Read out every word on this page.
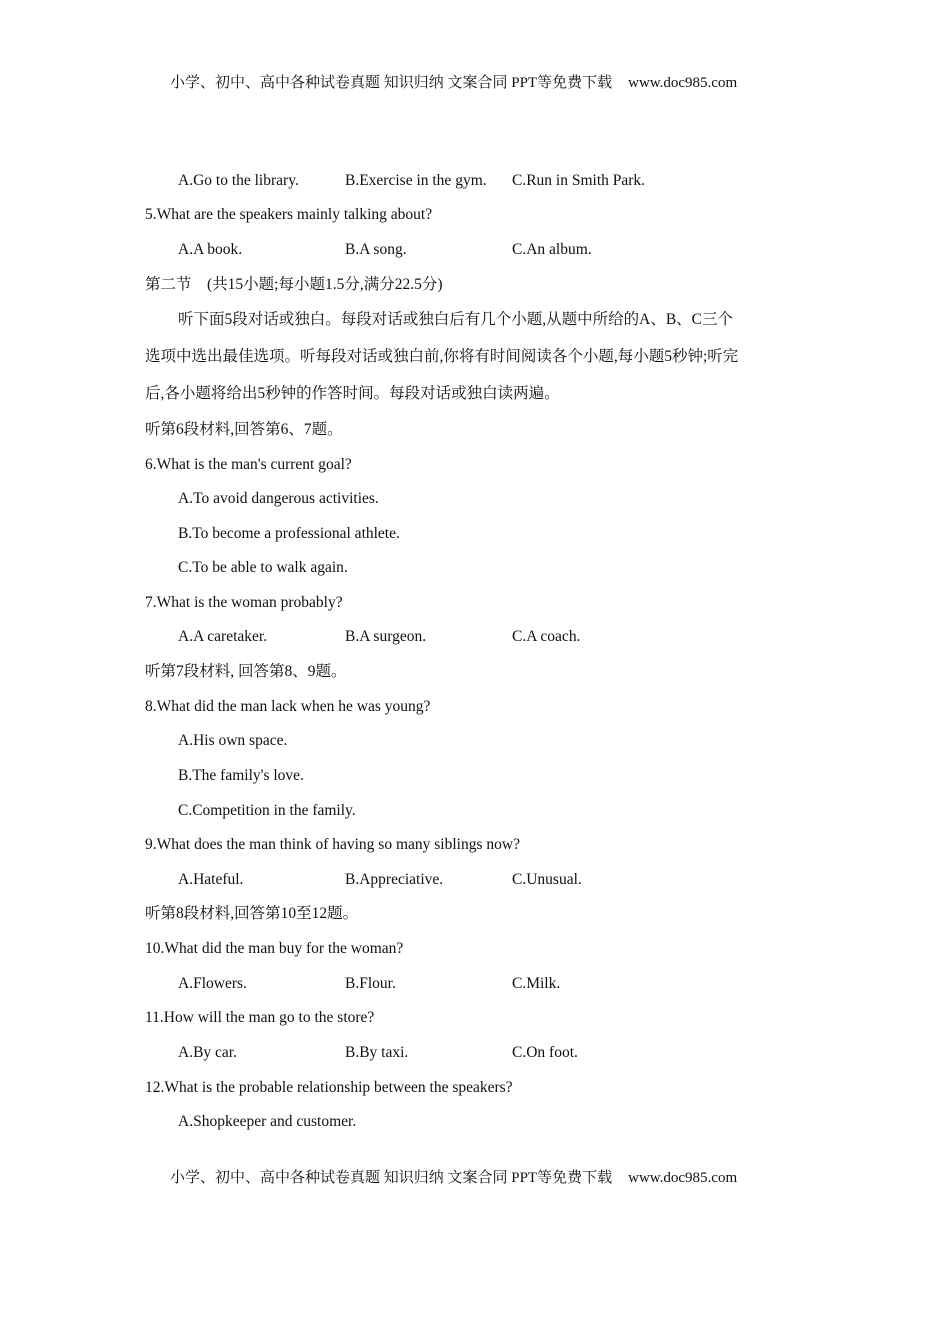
小学、初中、高中各种试卷真题 知识归纳 文案合同 PPT等免费下载 www.doc985.com
A.Go to the library.	B.Exercise in the gym. C.Run in Smith Park.
5.What are the speakers mainly talking about?
A.A book.	B.A song.	C.An album.
第二节　(共15小题;每小题1.5分,满分22.5分)
听下面5段对话或独白。每段对话或独白后有几个小题,从题中所给的A、B、C三个
选项中选出最佳选项。听每段对话或独白前,你将有时间阅读各个小题,每小题5秒钟;听完
后,各小题将给出5秒钟的作答时间。每段对话或独白读两遍。
听第6段材料,回答第6、7题。
6.What is the man's current goal?
A.To avoid dangerous activities.
B.To become a professional athlete.
C.To be able to walk again.
7.What is the woman probably?
A.A caretaker.	B.A surgeon.	C.A coach.
听第7段材料, 回答第8、9题。
8.What did the man lack when he was young?
A.His own space.
B.The family's love.
C.Competition in the family.
9.What does the man think of having so many siblings now?
A.Hateful.	B.Appreciative.	C.Unusual.
听第8段材料,回答第10至12题。
10.What did the man buy for the woman?
A.Flowers.	B.Flour.	C.Milk.
11.How will the man go to the store?
A.By car.	B.By taxi.	C.On foot.
12.What is the probable relationship between the speakers?
A.Shopkeeper and customer.
小学、初中、高中各种试卷真题 知识归纳 文案合同 PPT等免费下载 www.doc985.com
